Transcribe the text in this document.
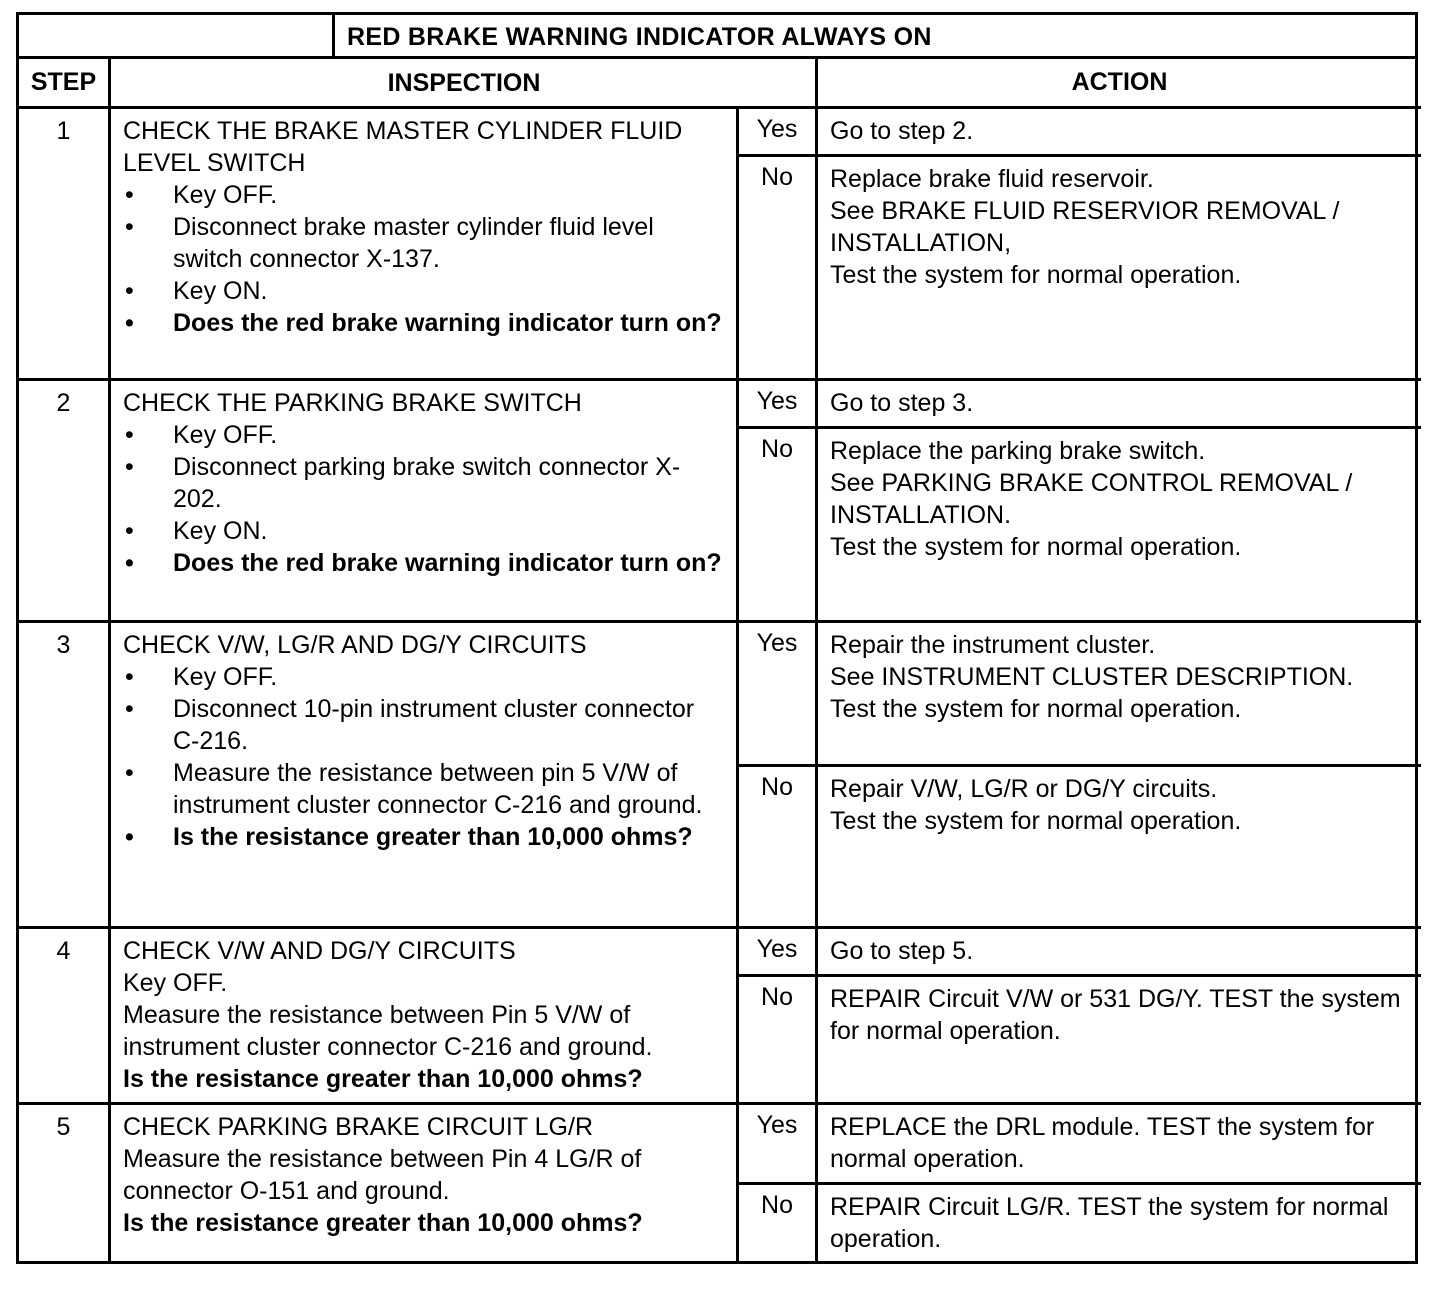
RED BRAKE WARNING INDICATOR ALWAYS ON
STEP	INSPECTION	ACTION
1	CHECK THE BRAKE MASTER CYLINDER FLUID LEVEL SWITCH
• Key OFF.
• Disconnect brake master cylinder fluid level switch connector X-137.
• Key ON.
• Does the red brake warning indicator turn on?
Yes	Go to step 2.
No	Replace brake fluid reservoir.
See BRAKE FLUID RESERVIOR REMOVAL / INSTALLATION,
Test the system for normal operation.
2	CHECK THE PARKING BRAKE SWITCH
• Key OFF.
• Disconnect parking brake switch connector X-202.
• Key ON.
• Does the red brake warning indicator turn on?
Yes	Go to step 3.
No	Replace the parking brake switch.
See PARKING BRAKE CONTROL REMOVAL / INSTALLATION.
Test the system for normal operation.
3	CHECK V/W, LG/R AND DG/Y CIRCUITS
• Key OFF.
• Disconnect 10-pin instrument cluster connector C-216.
• Measure the resistance between pin 5 V/W of instrument cluster connector C-216 and ground.
• Is the resistance greater than 10,000 ohms?
Yes	Repair the instrument cluster.
See INSTRUMENT CLUSTER DESCRIPTION.
Test the system for normal operation.
No	Repair V/W, LG/R or DG/Y circuits.
Test the system for normal operation.
4	CHECK V/W AND DG/Y CIRCUITS
Key OFF.
Measure the resistance between Pin 5 V/W of instrument cluster connector C-216 and ground.
Is the resistance greater than 10,000 ohms?
Yes	Go to step 5.
No	REPAIR Circuit V/W or 531 DG/Y. TEST the system for normal operation.
5	CHECK PARKING BRAKE CIRCUIT LG/R
Measure the resistance between Pin 4 LG/R of connector O-151 and ground.
Is the resistance greater than 10,000 ohms?
Yes	REPLACE the DRL module. TEST the system for normal operation.
No	REPAIR Circuit LG/R. TEST the system for normal operation.
